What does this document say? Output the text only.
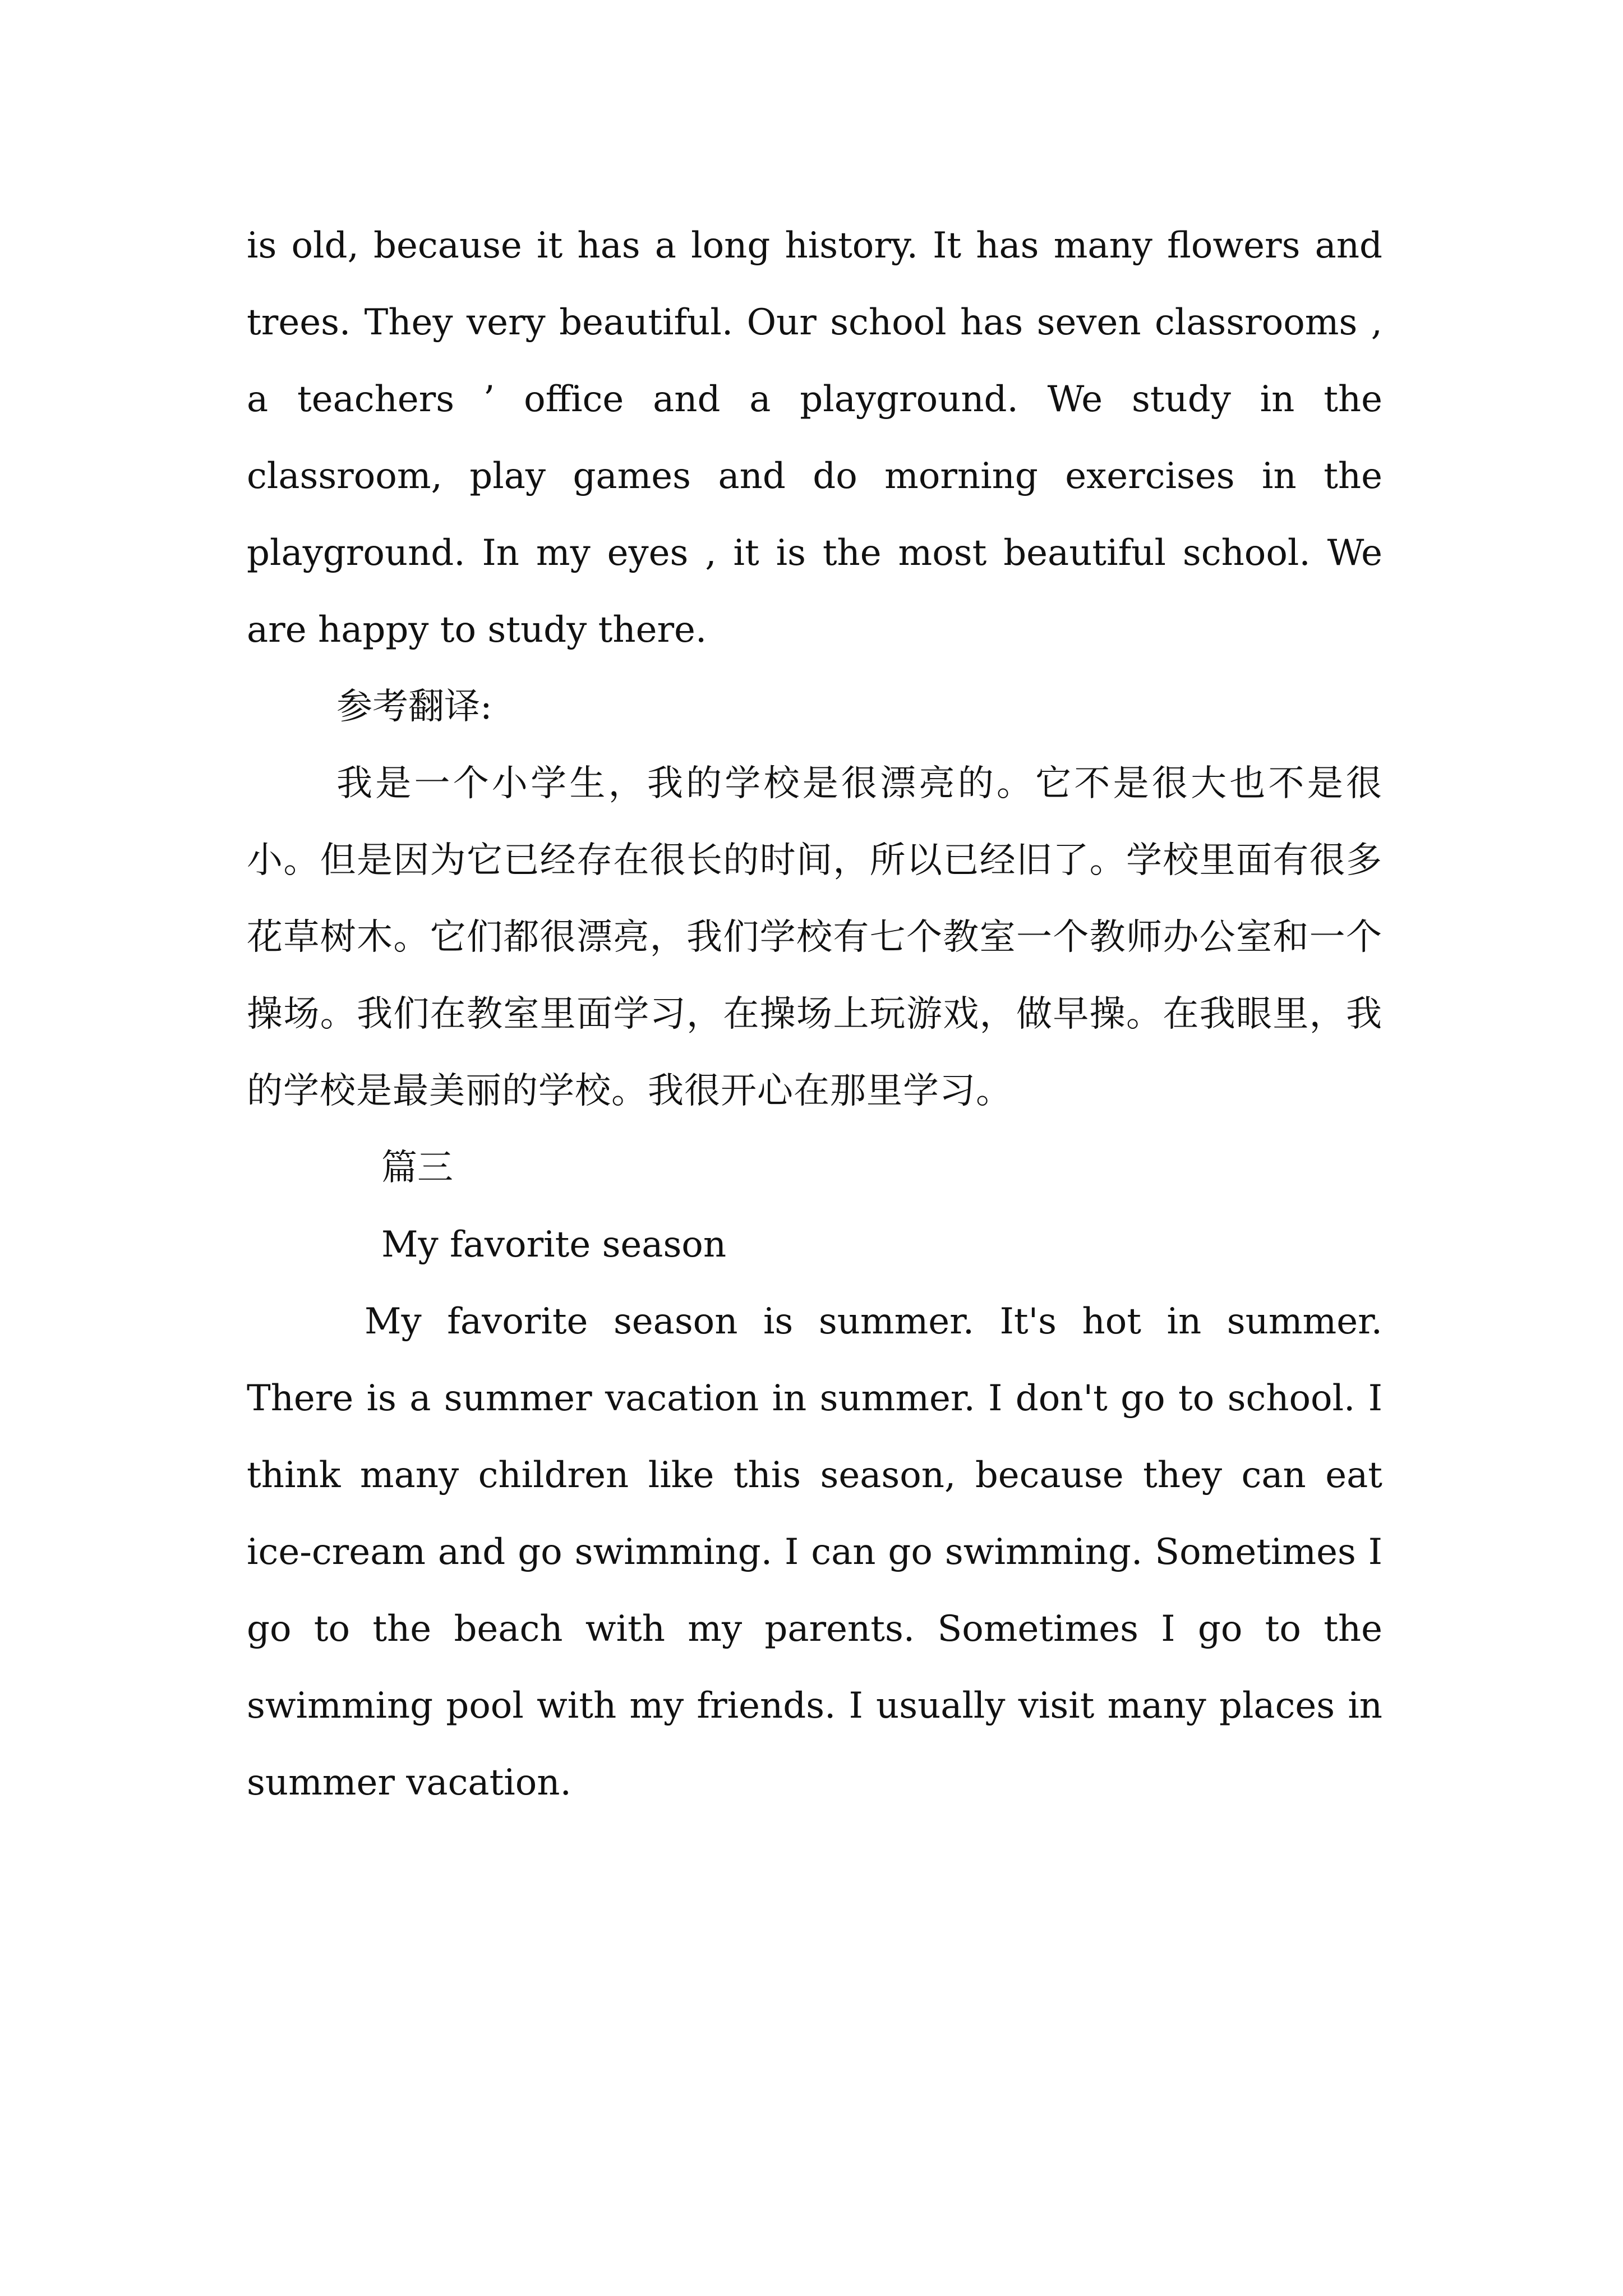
is old, because it has a long history. It has many flowers and trees. They very beautiful. Our school has seven classrooms , a teachers ’ office and a playground. We study in the classroom, play games and do morning exercises in the playground. In my eyes , it is the most beautiful school. We are happy to study there.

参考翻译:

我是一个小学生，我的学校是很漂亮的。它不是很大也不是很小。但是因为它已经存在很长的时间，所以已经旧了。学校里面有很多花草树木。它们都很漂亮，我们学校有七个教室一个教师办公室和一个操场。我们在教室里面学习，在操场上玩游戏，做早操。在我眼里，我的学校是最美丽的学校。我很开心在那里学习。

篇三

My favorite season

My favorite season is summer. It's hot in summer. There is a summer vacation in summer. I don't go to school. I think many children like this season, because they can eat ice-cream and go swimming. I can go swimming. Sometimes I go to the beach with my parents. Sometimes I go to the swimming pool with my friends. I usually visit many places in summer vacation.
